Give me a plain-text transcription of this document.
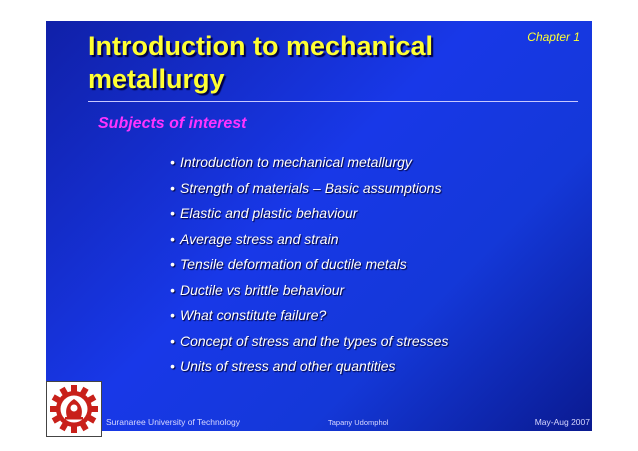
Introduction to mechanical metallurgy
Chapter 1
Subjects of interest
• Introduction to mechanical metallurgy
• Strength of materials – Basic assumptions
• Elastic and plastic behaviour
• Average stress and strain
• Tensile deformation of ductile metals
• Ductile vs brittle behaviour
• What constitute failure?
• Concept of stress and the types of stresses
• Units of stress and other quantities
Suranaree University of Technology	Tapany Udomphol	May-Aug 2007
